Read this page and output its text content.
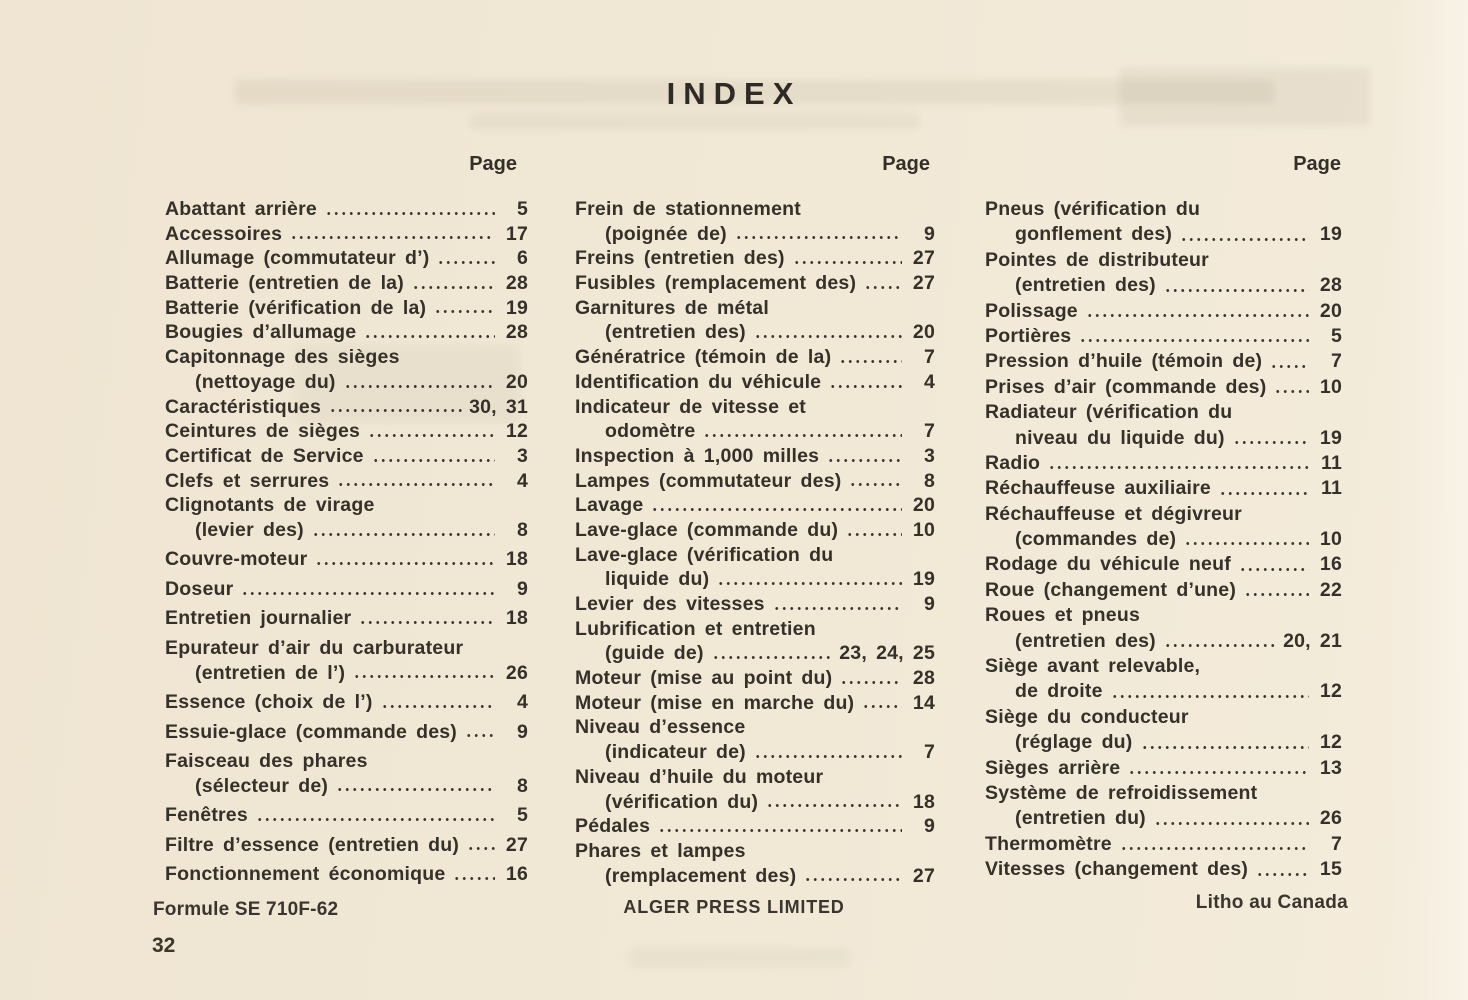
INDEX
Page	Page	Page
Abattant arrière	5
Accessoires	17
Allumage (commutateur d’)	6
Batterie (entretien de la)	28
Batterie (vérification de la)	19
Bougies d’allumage	28
Capitonnage des sièges
(nettoyage du)	20
Caractéristiques	30, 31
Ceintures de sièges	12
Certificat de Service	3
Clefs et serrures	4
Clignotants de virage
(levier des)	8
Couvre-moteur	18
Doseur	9
Entretien journalier	18
Epurateur d’air du carburateur
(entretien de l’)	26
Essence (choix de l’)	4
Essuie-glace (commande des)	9
Faisceau des phares
(sélecteur de)	8
Fenêtres	5
Filtre d’essence (entretien du) 27
Fonctionnement économique	16
Frein de stationnement
(poignée de)	9
Freins (entretien des)	27
Fusibles (remplacement des)	27
Garnitures de métal
(entretien des)	20
Génératrice (témoin de la)	7
Identification du véhicule	4
Indicateur de vitesse et
odomètre	7
Inspection à 1,000 milles	3
Lampes (commutateur des)	8
Lavage	20
Lave-glace (commande du)	10
Lave-glace (vérification du
liquide du)	19
Levier des vitesses	9
Lubrification et entretien
(guide de)	23, 24, 25
Moteur (mise au point du)	28
Moteur (mise en marche du)	14
Niveau d’essence
(indicateur de)	7
Niveau d’huile du moteur
(vérification du)	18
Pédales	9
Phares et lampes
(remplacement des)	27
Pneus (vérification du
gonflement des)	19
Pointes de distributeur
(entretien des)	28
Polissage	20
Portières	5
Pression d’huile (témoin de)	7
Prises d’air (commande des)	10
Radiateur (vérification du
niveau du liquide du)	19
Radio	11
Réchauffeuse auxiliaire	11
Réchauffeuse et dégivreur
(commandes de)	10
Rodage du véhicule neuf	16
Roue (changement d’une)	22
Roues et pneus
(entretien des)	20, 21
Siège avant relevable,
de droite	12
Siège du conducteur
(réglage du)	12
Sièges arrière	13
Système de refroidissement
(entretien du)	26
Thermomètre	7
Vitesses (changement des)	15
Formule SE 710F-62	ALGER PRESS LIMITED	Litho au Canada
32
